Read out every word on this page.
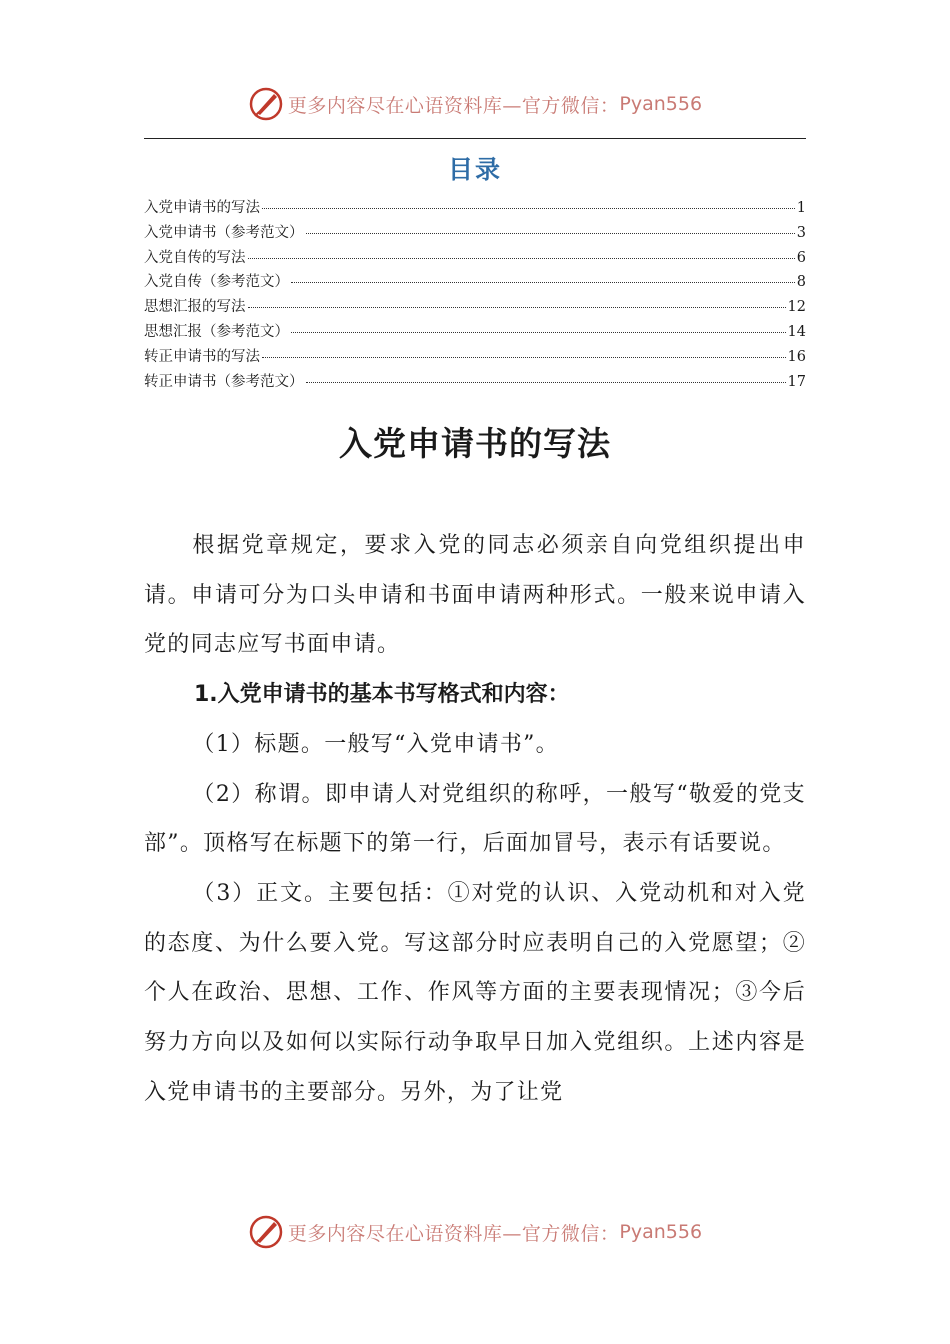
更多内容尽在心语资料库—官方微信： Pyan556
目录
入党申请书的写法	1
入党申请书（参考范文）	3
入党自传的写法	6
入党自传（参考范文）	8
思想汇报的写法	12
思想汇报（参考范文）	14
转正申请书的写法	16
转正申请书（参考范文）	17
入党申请书的写法

根据党章规定，要求入党的同志必须亲自向党组织提出申请。申请可分为口头申请和书面申请两种形式。一般来说申请入党的同志应写书面申请。

1.入党申请书的基本书写格式和内容：

（1）标题。一般写“入党申请书”。

（2）称谓。即申请人对党组织的称呼，一般写“敬爱的党支部”。顶格写在标题下的第一行，后面加冒号，表示有话要说。

（3）正文。主要包括：①对党的认识、入党动机和对入党的态度、为什么要入党。写这部分时应表明自己的入党愿望；②个人在政治、思想、工作、作风等方面的主要表现情况；③今后努力方向以及如何以实际行动争取早日加入党组织。上述内容是入党申请书的主要部分。另外，为了让党

更多内容尽在心语资料库—官方微信： Pyan556
